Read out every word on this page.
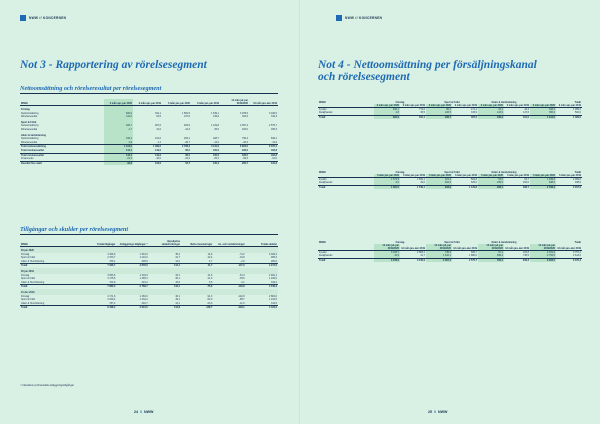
NWW // KONCERNEN
Not 3 - Rapportering av rörelsesegment
Nettoomsättning och rörelseresultat per rörelsesegment
MSEK	3 mån apr–jun 2020	3 mån apr–jun 2019	6 mån jan–jun 2020	6 mån jan–jun 2019	12 mån jul–jun 2019/2020	12 mån jan–dec 2019
Företag						
Nettoomsättning	820,9	811,1	1 581,5	1 549,1	3 078,6	3 046,9
Rörelseresultat	112,0	94,5	137,0	149,9	323,2	316,3
Sport & Fritid						
Nettoomsättning	326,7	487,0	923,9	1 129,8	2 387,4	2 575,7
Rörelseresultat	-1,7	31,0	-12,3	25,0	106,0	186,3
Gitarr & Hembränning						
Nettoomsättning	166,4	191,0	293,1	328,7	796,4	849,1
Rörelseresultat	2,9	4,1	-28,7	-14,0	-26,3	-12,0
Total nettoomsättning	1 314,0	1 489,0	2 798,4	3 110,9	6 903,5	6 370,4
Total rörelseresultat	113,1	119,6	86,0	160,6	333,0	402,8
Total rörelseresultat	113,1	119,6	86,0	160,6	333,0	402,8
Finansnetto	-21,3	-16,0	-33,2	-25,2	-69,3	-61,0
Resultat före skatt	92,8	103,6	52,7	135,4	266,7	341,8
Tillgångar och skulder per rörelsesegment
MSEK	Totala tillgångar	Anläggnings-tillgångar ¹⁾	Uppskjutna skattefordringar	Netto-investeringar	Av- och nedskrivningar	Totala skulder
30 jun 2020						
Företag	4 466,9	1 943,9	35,4	14,6	-74,2	3 029,4
Sport & Fritid	2 703,7	1 201,0	31,7	22,4	-34,9	905,3
Gitarr & Hembränning	766,1	295,9	12,0	4,7	-2,9	284,0
Totalt	7 936,7	2 878,6	112,1	41,7	-117,9	4 217,6
30 jun 2019						
Företag	3 953,6	1 303,9	33,1	41,6	-61,3	2 481,1
Sport & Fritid	3 175,6	1 465,3	36,1	21,3	-35,6	1 166,0
Gitarr & Hembränning	744,8	324,2	15,6	6,5	-4,1	319,2
Totalt	7 886,0	2 768,7	116,1	-75,9	-102,8	4 346,3
31 dec 2019						
Företag	4 171,6	1 283,0	46,1	-91,3	-142,9	2 881,0
Sport & Fritid	3 239,4	1 332,2	49,1	-52,3	-85,7	1 194,5
Gitarr & Hembränning	787,4	294,7	13,1	-23,6	-11,5	313,5
Totalt	8 198,2	2 910,5	112,8	-148,7	-233,1	4 423,6
¹⁾ Inkluderar ej finansiella anläggningstillgångar
24 // NWW
NWW // KONCERNEN
Not 4 - Nettoomsättning per försäljningskanal
och rörelsesegment
MSEK	Företag		Sport & Fritid		Gitarr & Hembränning		Totalt	
	3 mån apr–jun 2020	3 mån apr–jun 2019	3 mån apr–jun 2020	3 mån apr–jun 2019	3 mån apr–jun 2020	3 mån apr–jun 2019	3 mån apr–jun 2020	3 mån apr–jun 2019
Fysiskt	816,1	774,6	80,2	171,1	22,1	43,4	918,4	1 059,2
Detaljhandel	4,8	36,5	246,5	315,9	143,9	147,6	395,2	500,0
Totalt	820,9	811,1	326,7	487,0	166,4	191,0	1 314,0	1 489,0
MSEK	Företag		Sport & Fritid		Gitarr & Hembränning		Totalt	
	6 mån jan–jun 2020	6 mån jan–jun 2019	6 mån jan–jun 2020	6 mån jan–jun 2019	6 mån jan–jun 2020	6 mån jan–jun 2019	6 mån jan–jun 2020	6 mån jan–jun 2019
Fysiskt	1 574,9	1 500,1	321,3	504,8	53,6	64,7	1 949,8	2 069,6
Detaljhandel	6,6	49,0	602,6	625,0	239,5	264,0	848,6	938,0
Totalt	1 581,5	1 549,1	923,9	1 129,8	293,1	328,7	2 798,4	3 007,6
MSEK	Företag		Sport & Fritid		Gitarr & Hembränning		Totalt	
	12 mån jul–jun 2019/2020	12 mån jan–dec 2019	12 mån jul–jun 2019/2020	12 mån jan–dec 2019	12 mån jul–jun 2019/2020	12 mån jan–dec 2019	12 mån jul–jun 2019/2020	12 mån jan–dec 2019
Fysiskt	3 033,7	2 883,2	745,3	695,7	97,1	103,8	4 151,0	3 757,4
Detaljhandel	44,9	41,7	1 642,1	1 880,0	699,3	745,5	2 752,5	2 613,0
Totalt	3 078,6	3 046,9	2 387,4	2 575,7	796,4	849,3	6 903,5	6 370,4
25 // NWW
